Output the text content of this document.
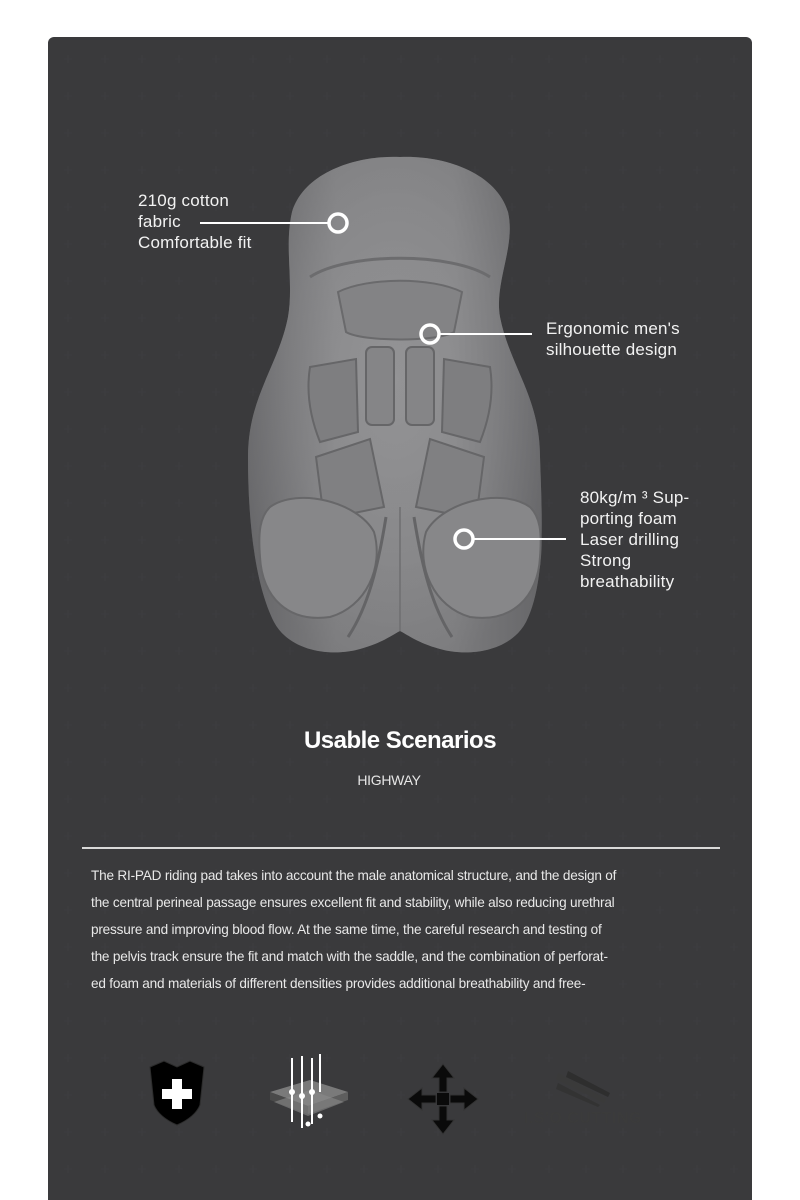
210g cotton
fabric
Comfortable fit
Ergonomic men's
silhouette design
80kg/m ³ Sup-
porting foam
Laser drilling
Strong
breathability
Usable Scenarios
HIGHWAY
The RI-PAD riding pad takes into account the male anatomical structure, and the design of
the central perineal passage ensures excellent fit and stability, while also reducing urethral
pressure and improving blood flow. At the same time, the careful research and testing of
the pelvis track ensure the fit and match with the saddle, and the combination of perforat-
ed foam and materials of different densities provides additional breathability and free-
I.S'O CUTTING
